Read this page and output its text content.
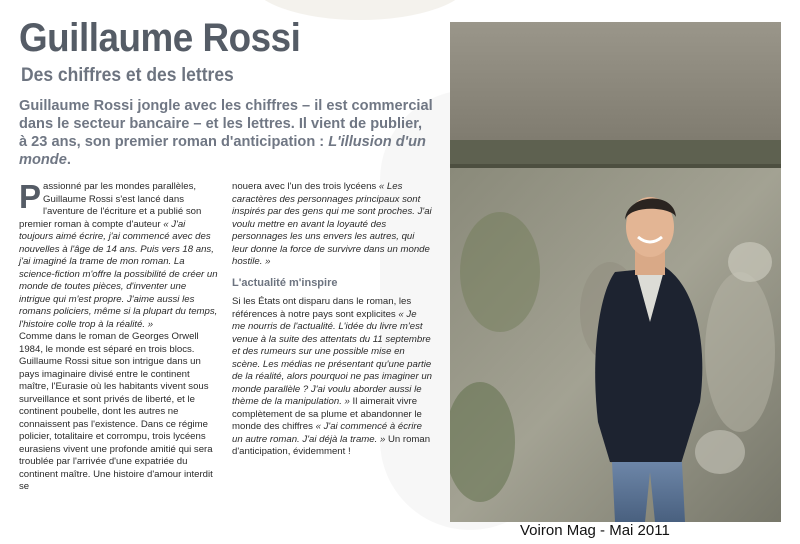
Guillaume Rossi
Des chiffres et des lettres
Guillaume Rossi jongle avec les chiffres – il est commercial dans le secteur bancaire – et les lettres. Il vient de publier, à 23 ans, son premier roman d'anticipation : L'illusion d'un monde.

Passionné par les mondes parallèles, Guillaume Rossi s'est lancé dans l'aventure de l'écriture et a publié son premier roman à compte d'auteur « J'ai toujours aimé écrire, j'ai commencé avec des nouvelles à l'âge de 14 ans. Puis vers 18 ans, j'ai imaginé la trame de mon roman. La science-fiction m'offre la possibilité de créer un monde de toutes pièces, d'inventer une intrigue qui m'est propre. J'aime aussi les romans policiers, même si la plupart du temps, l'histoire colle trop à la réalité. »

Comme dans le roman de Georges Orwell 1984, le monde est séparé en trois blocs. Guillaume Rossi situe son intrigue dans un pays imaginaire divisé entre le continent maître, l'Eurasie où les habitants vivent sous surveillance et sont privés de liberté, et le continent poubelle, dont les autres ne connaissent pas l'existence. Dans ce régime policier, totalitaire et corrompu, trois lycéens eurasiens vivent une profonde amitié qui sera troublée par l'arrivée d'une expatriée du continent maître. Une histoire d'amour interdit se

nouera avec l'un des trois lycéens « Les caractères des personnages principaux sont inspirés par des gens qui me sont proches. J'ai voulu mettre en avant la loyauté des personnages les uns envers les autres, qui leur donne la force de survivre dans un monde hostile. »

L'actualité m'inspire

Si les États ont disparu dans le roman, les références à notre pays sont explicites « Je me nourris de l'actualité. L'idée du livre m'est venue à la suite des attentats du 11 septembre et des rumeurs sur une possible mise en scène. Les médias ne présentant qu'une partie de la réalité, alors pourquoi ne pas imaginer un monde parallèle ? J'ai voulu aborder aussi le thème de la manipulation. » Il aimerait vivre complètement de sa plume et abandonner le monde des chiffres « J'ai commencé à écrire un autre roman. J'ai déjà la trame. » Un roman d'anticipation, évidemment !

Voiron Mag - Mai 2011
